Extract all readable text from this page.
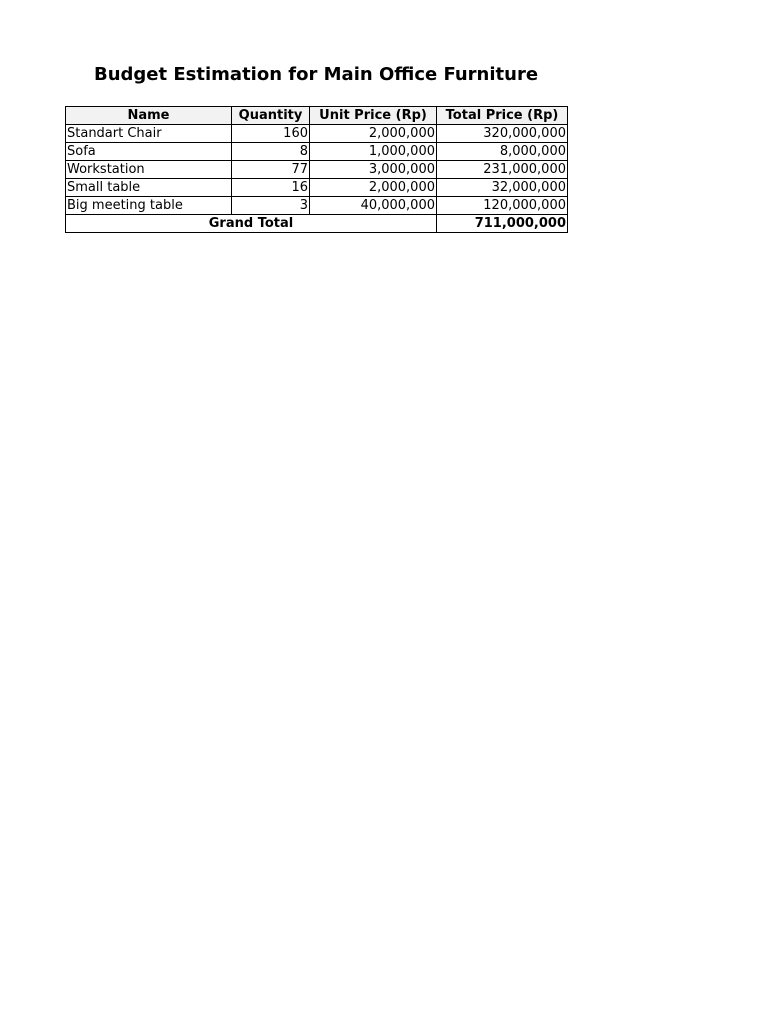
Budget Estimation for Main Office Furniture
Name	Quantity	Unit Price (Rp)	Total Price (Rp)
Standart Chair	160	2,000,000	320,000,000
Sofa	8	1,000,000	8,000,000
Workstation	77	3,000,000	231,000,000
Small table	16	2,000,000	32,000,000
Big meeting table	3	40,000,000	120,000,000
Grand Total			711,000,000
